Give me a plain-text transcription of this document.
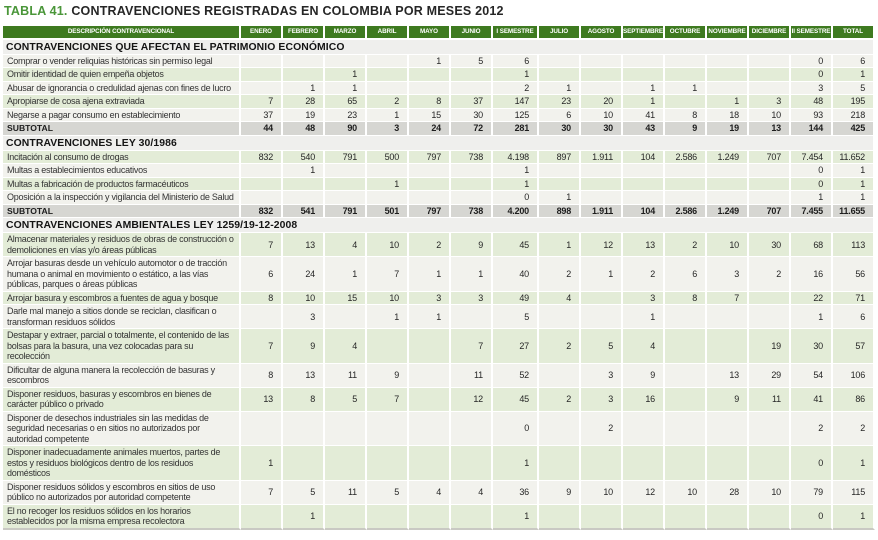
TABLA 41. CONTRAVENCIONES REGISTRADAS EN COLOMBIA POR MESES 2012
DESCRIPCIÓN CONTRAVENCIONAL	ENERO	FEBRERO	MARZO	ABRIL	MAYO	JUNIO	I SEMESTRE	JULIO	AGOSTO	SEPTIEMBRE	OCTUBRE	NOVIEMBRE	DICIEMBRE	II SEMESTRE	TOTAL
CONTRAVENCIONES QUE AFECTAN EL PATRIMONIO ECONÓMICO															
Comprar o vender reliquias históricas sin permiso legal					1	5	6							0	6
Omitir identidad de quien empeña objetos			1				1							0	1
Abusar de ignorancia o credulidad ajenas con fines de lucro		1	1				2	1		1	1			3	5
Apropiarse de cosa ajena extraviada	7	28	65	2	8	37	147	23	20	1		1	3	48	195
Negarse a pagar consumo en establecimiento	37	19	23	1	15	30	125	6	10	41	8	18	10	93	218
SUBTOTAL	44	48	90	3	24	72	281	30	30	43	9	19	13	144	425
CONTRAVENCIONES LEY 30/1986															
Incitación al consumo de drogas	832	540	791	500	797	738	4.198	897	1.911	104	2.586	1.249	707	7.454	11.652
Multas a establecimientos educativos		1					1							0	1
Multas a fabricación de productos farmacéuticos				1			1							0	1
Oposición a la inspección y vigilancia del Ministerio de Salud							0	1						1	1
SUBTOTAL	832	541	791	501	797	738	4.200	898	1.911	104	2.586	1.249	707	7.455	11.655
CONTRAVENCIONES AMBIENTALES LEY 1259/19-12-2008															
Almacenar materiales y residuos de obras de construcción o demoliciones en vías y/o áreas públicas	7	13	4	10	2	9	45	1	12	13	2	10	30	68	113
Arrojar basuras desde un vehículo automotor o de tracción humana o animal en movimiento o estático, a las vías públicas, parques o áreas públicas	6	24	1	7	1	1	40	2	1	2	6	3	2	16	56
Arrojar basura y escombros a fuentes de agua y bosque	8	10	15	10	3	3	49	4		3	8	7		22	71
Darle mal manejo a sitios donde se reciclan, clasifican o transforman residuos sólidos		3		1	1		5			1				1	6
Destapar y extraer, parcial o totalmente, el contenido de las bolsas para la basura, una vez colocadas para su recolección	7	9	4			7	27	2	5	4			19	30	57
Dificultar de alguna manera la recolección de basuras y escombros	8	13	11	9		11	52		3	9		13	29	54	106
Disponer residuos, basuras y escombros en bienes de carácter público o privado	13	8	5	7		12	45	2	3	16		9	11	41	86
Disponer de desechos industriales sin las medidas de seguridad necesarias o en sitios no autorizados por autoridad competente							0		2					2	2
Disponer inadecuadamente animales muertos, partes de estos y residuos biológicos dentro de los residuos domésticos	1						1							0	1
Disponer residuos sólidos y escombros en sitios de uso público no autorizados por autoridad competente	7	5	11	5	4	4	36	9	10	12	10	28	10	79	115
El no recoger los residuos sólidos en los horarios establecidos por la misma empresa recolectora		1					1							0	1
